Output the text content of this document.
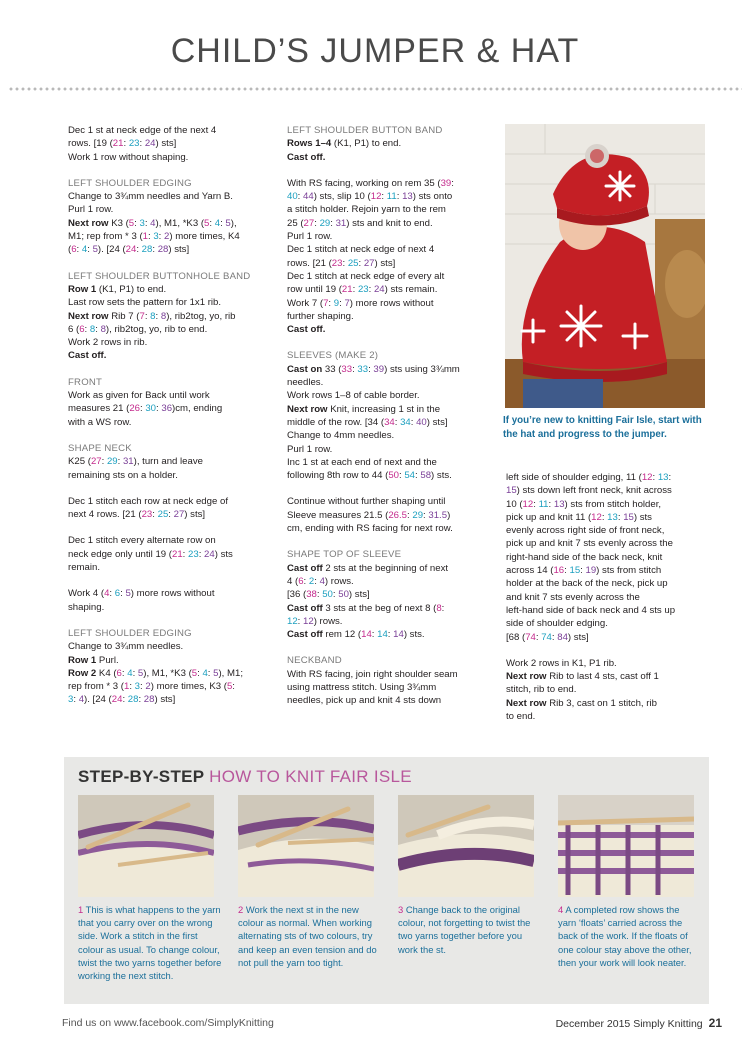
CHILD’S JUMPER & HAT

Dec 1 st at neck edge of the next 4

rows. [19 (21: 23: 24) sts]

Work 1 row without shaping.

LEFT SHOULDER EDGING

Change to 3¾mm needles and Yarn B.

Purl 1 row.

Next row K3 (5: 3: 4), M1, *K3 (5: 4: 5),

M1; rep from * 3 (1: 3: 2) more times, K4

(6: 4: 5). [24 (24: 28: 28) sts]

LEFT SHOULDER BUTTONHOLE BAND

Row 1 (K1, P1) to end.

Last row sets the pattern for 1x1 rib.

Next row Rib 7 (7: 8: 8), rib2tog, yo, rib

6 (6: 8: 8), rib2tog, yo, rib to end.

Work 2 rows in rib.

Cast off.

FRONT

Work as given for Back until work

measures 21 (26: 30: 36)cm, ending

with a WS row.

SHAPE NECK

K25 (27: 29: 31), turn and leave

remaining sts on a holder.

Dec 1 stitch each row at neck edge of

next 4 rows. [21 (23: 25: 27) sts]

Dec 1 stitch every alternate row on

neck edge only until 19 (21: 23: 24) sts

remain.

Work 4 (4: 6: 5) more rows without

shaping.

LEFT SHOULDER EDGING

Change to 3¾mm needles.

Row 1 Purl.

Row 2 K4 (6: 4: 5), M1, *K3 (5: 4: 5), M1;

rep from * 3 (1: 3: 2) more times, K3 (5:

3: 4). [24 (24: 28: 28) sts]

LEFT SHOULDER BUTTON BAND

Rows 1–4 (K1, P1) to end.

Cast off.

With RS facing, working on rem 35 (39:

40: 44) sts, slip 10 (12: 11: 13) sts onto

a stitch holder. Rejoin yarn to the rem

25 (27: 29: 31) sts and knit to end.

Purl 1 row.

Dec 1 stitch at neck edge of next 4

rows. [21 (23: 25: 27) sts]

Dec 1 stitch at neck edge of every alt

row until 19 (21: 23: 24) sts remain.

Work 7 (7: 9: 7) more rows without

further shaping.

Cast off.

SLEEVES (MAKE 2)

Cast on 33 (33: 33: 39) sts using 3¾mm

needles.

Work rows 1–8 of cable border.

Next row Knit, increasing 1 st in the

middle of the row. [34 (34: 34: 40) sts]

Change to 4mm needles.

Purl 1 row.

Inc 1 st at each end of next and the

following 8th row to 44 (50: 54: 58) sts.

Continue without further shaping until

Sleeve measures 21.5 (26.5: 29: 31.5)

cm, ending with RS facing for next row.

SHAPE TOP OF SLEEVE

Cast off 2 sts at the beginning of next

4 (6: 2: 4) rows.

[36 (38: 50: 50) sts]

Cast off 3 sts at the beg of next 8 (8:

12: 12) rows.

Cast off rem 12 (14: 14: 14) sts.

NECKBAND

With RS facing, join right shoulder seam

using mattress stitch. Using 3¾mm

needles, pick up and knit 4 sts down

If you’re new to knitting Fair Isle, start with the hat and progress to the jumper.

left side of shoulder edging, 11 (12: 13:

15) sts down left front neck, knit across

10 (12: 11: 13) sts from stitch holder,

pick up and knit 11 (12: 13: 15) sts

evenly across right side of front neck,

pick up and knit 7 sts evenly across the

right-hand side of the back neck, knit

across 14 (16: 15: 19) sts from stitch

holder at the back of the neck, pick up

and knit 7 sts evenly across the

left-hand side of back neck and 4 sts up

side of shoulder edging.

[68 (74: 74: 84) sts]

Work 2 rows in K1, P1 rib.

Next row Rib to last 4 sts, cast off 1

stitch, rib to end.

Next row Rib 3, cast on 1 stitch, rib

to end.

STEP-BY-STEP HOW TO KNIT FAIR ISLE
1 This is what happens to the yarn that you carry over on the wrong side. Work a stitch in the first colour as usual. To change colour, twist the two yarns together before working the next stitch.
2 Work the next st in the new colour as normal. When working alternating sts of two colours, try and keep an even tension and do not pull the yarn too tight.
3 Change back to the original colour, not forgetting to twist the two yarns together before you work the st.
4 A completed row shows the yarn ‘floats’ carried across the back of the work. If the floats of one colour stay above the other, then your work will look neater.
Find us on www.facebook.com/SimplyKnitting	December 2015 Simply Knitting 21
